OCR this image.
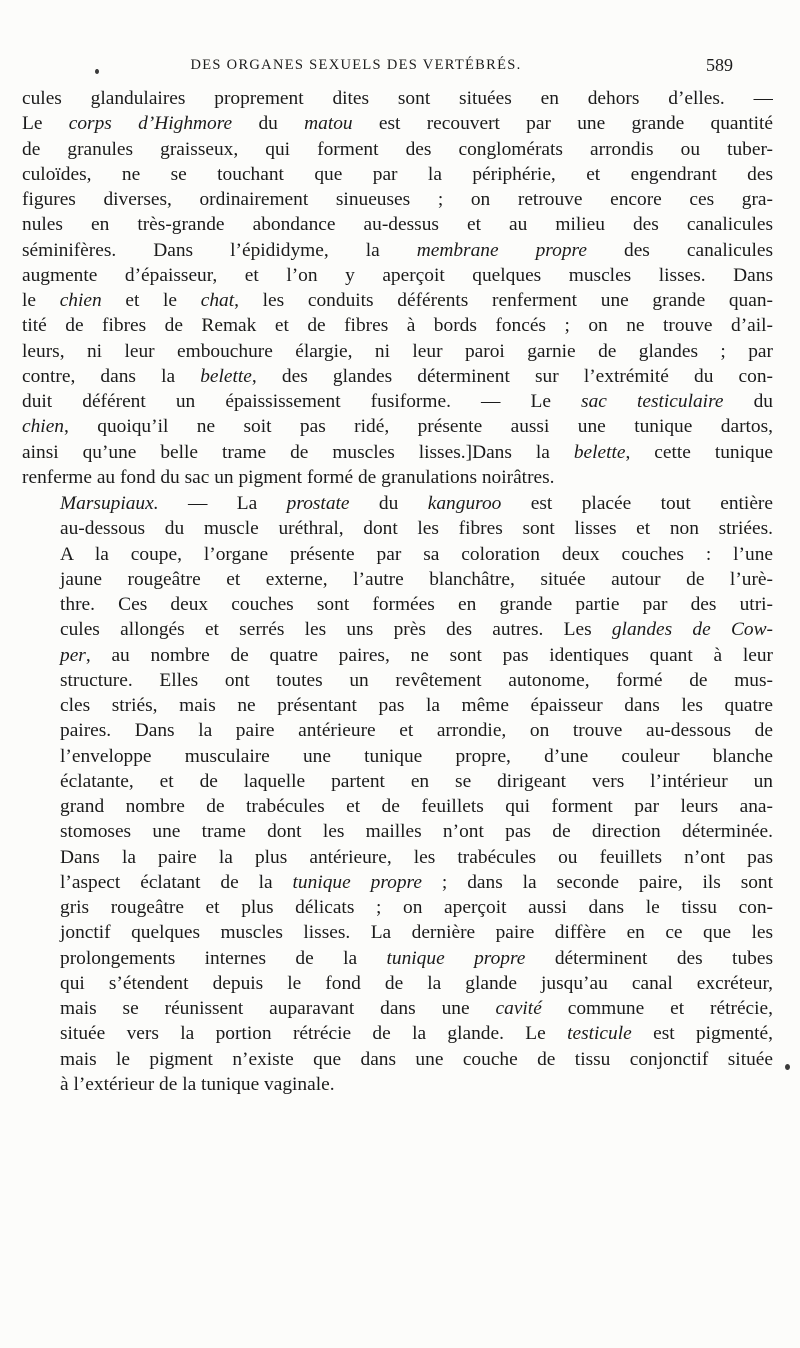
DES ORGANES SEXUELS DES VERTÉBRÉS.	589

cules glandulaires proprement dites sont situées en dehors d’elles. —
Le corps d’Highmore du matou est recouvert par une grande quantité
de granules graisseux, qui forment des conglomérats arrondis ou tuber-
culoïdes, ne se touchant que par la périphérie, et engendrant des
figures diverses, ordinairement sinueuses ; on retrouve encore ces gra-
nules en très-grande abondance au-dessus et au milieu des canalicules
séminifères. Dans l’épididyme, la membrane propre des canalicules
augmente d’épaisseur, et l’on y aperçoit quelques muscles lisses. Dans
le chien et le chat, les conduits déférents renferment une grande quan-
tité de fibres de Remak et de fibres à bords foncés ; on ne trouve d’ail-
leurs, ni leur embouchure élargie, ni leur paroi garnie de glandes ; par
contre, dans la belette, des glandes déterminent sur l’extrémité du con-
duit déférent un épaississement fusiforme. — Le sac testiculaire du
chien, quoiqu’il ne soit pas ridé, présente aussi une tunique dartos,
ainsi qu’une belle trame de muscles lisses.]Dans la belette, cette tunique
renferme au fond du sac un pigment formé de granulations noirâtres.

Marsupiaux. — La prostate du kanguroo est placée tout entière
au-dessous du muscle uréthral, dont les fibres sont lisses et non striées.
A la coupe, l’organe présente par sa coloration deux couches : l’une
jaune rougeâtre et externe, l’autre blanchâtre, située autour de l’urè-
thre. Ces deux couches sont formées en grande partie par des utri-
cules allongés et serrés les uns près des autres. Les glandes de Cow-
per, au nombre de quatre paires, ne sont pas identiques quant à leur
structure. Elles ont toutes un revêtement autonome, formé de mus-
cles striés, mais ne présentant pas la même épaisseur dans les quatre
paires. Dans la paire antérieure et arrondie, on trouve au-dessous de
l’enveloppe musculaire une tunique propre, d’une couleur blanche
éclatante, et de laquelle partent en se dirigeant vers l’intérieur un
grand nombre de trabécules et de feuillets qui forment par leurs ana-
stomoses une trame dont les mailles n’ont pas de direction déterminée.
Dans la paire la plus antérieure, les trabécules ou feuillets n’ont pas
l’aspect éclatant de la tunique propre ; dans la seconde paire, ils sont
gris rougeâtre et plus délicats ; on aperçoit aussi dans le tissu con-
jonctif quelques muscles lisses. La dernière paire diffère en ce que les
prolongements internes de la tunique propre déterminent des tubes
qui s’étendent depuis le fond de la glande jusqu’au canal excréteur,
mais se réunissent auparavant dans une cavité commune et rétrécie,
située vers la portion rétrécie de la glande. Le testicule est pigmenté,
mais le pigment n’existe que dans une couche de tissu conjonctif située
à l’extérieur de la tunique vaginale.
